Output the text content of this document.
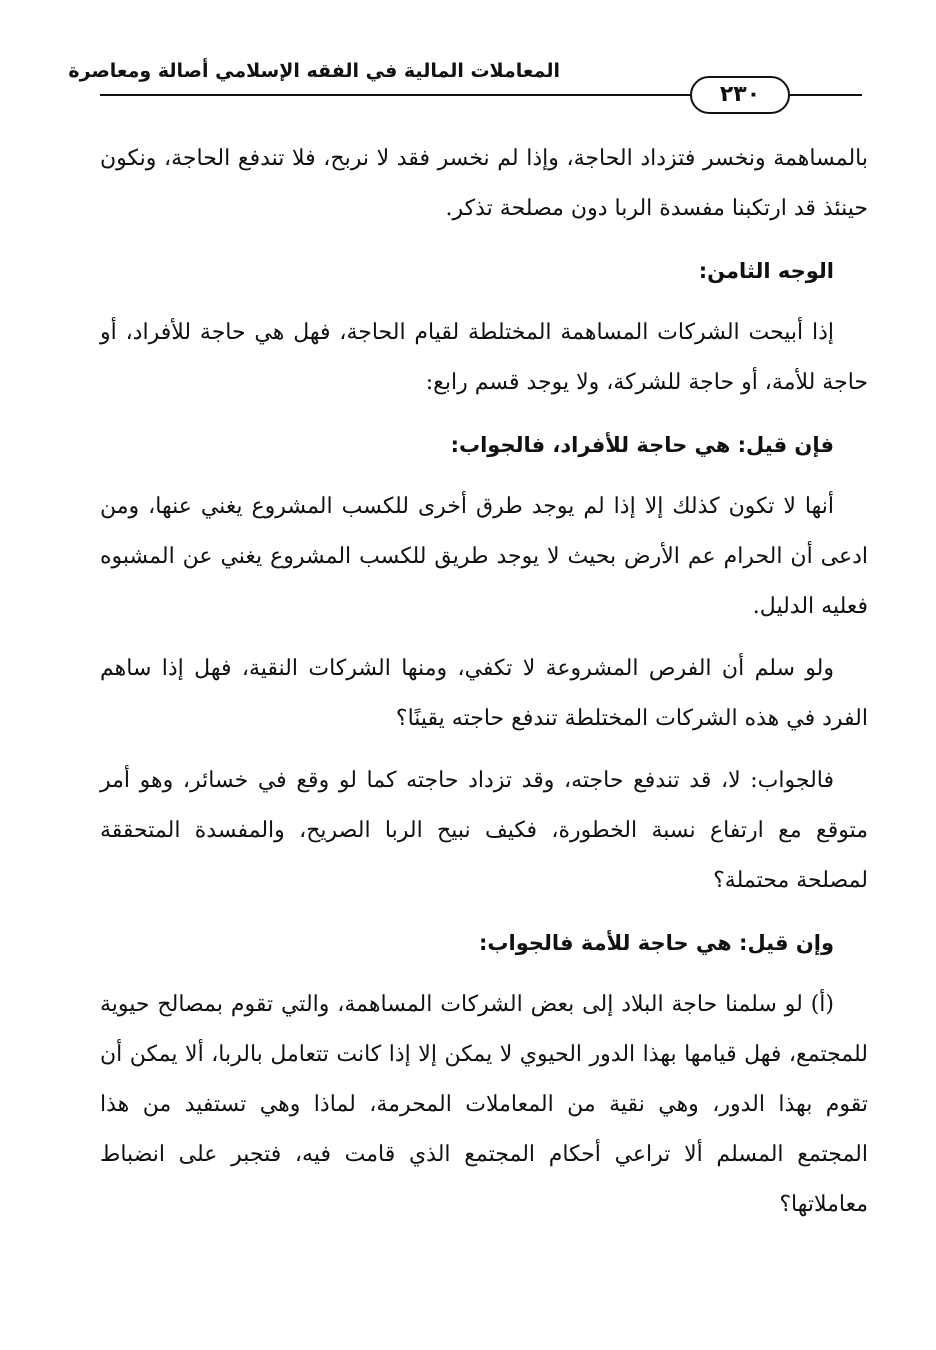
المعاملات المالية في الفقه الإسلامي أصالة ومعاصرة
٢٣٠

بالمساهمة ونخسر فتزداد الحاجة، وإذا لم نخسر فقد لا نربح، فلا تندفع الحاجة، ونكون حينئذ قد ارتكبنا مفسدة الربا دون مصلحة تذكر.

الوجه الثامن:

إذا أبيحت الشركات المساهمة المختلطة لقيام الحاجة، فهل هي حاجة للأفراد، أو حاجة للأمة، أو حاجة للشركة، ولا يوجد قسم رابع:

فإن قيل: هي حاجة للأفراد، فالجواب:

أنها لا تكون كذلك إلا إذا لم يوجد طرق أخرى للكسب المشروع يغني عنها، ومن ادعى أن الحرام عم الأرض بحيث لا يوجد طريق للكسب المشروع يغني عن المشبوه فعليه الدليل.

ولو سلم أن الفرص المشروعة لا تكفي، ومنها الشركات النقية، فهل إذا ساهم الفرد في هذه الشركات المختلطة تندفع حاجته يقينًا؟

فالجواب: لا، قد تندفع حاجته، وقد تزداد حاجته كما لو وقع في خسائر، وهو أمر متوقع مع ارتفاع نسبة الخطورة، فكيف نبيح الربا الصريح، والمفسدة المتحققة لمصلحة محتملة؟

وإن قيل: هي حاجة للأمة فالجواب:

(أ) لو سلمنا حاجة البلاد إلى بعض الشركات المساهمة، والتي تقوم بمصالح حيوية للمجتمع، فهل قيامها بهذا الدور الحيوي لا يمكن إلا إذا كانت تتعامل بالربا، ألا يمكن أن تقوم بهذا الدور، وهي نقية من المعاملات المحرمة، لماذا وهي تستفيد من هذا المجتمع المسلم ألا تراعي أحكام المجتمع الذي قامت فيه، فتجبر على انضباط معاملاتها؟
